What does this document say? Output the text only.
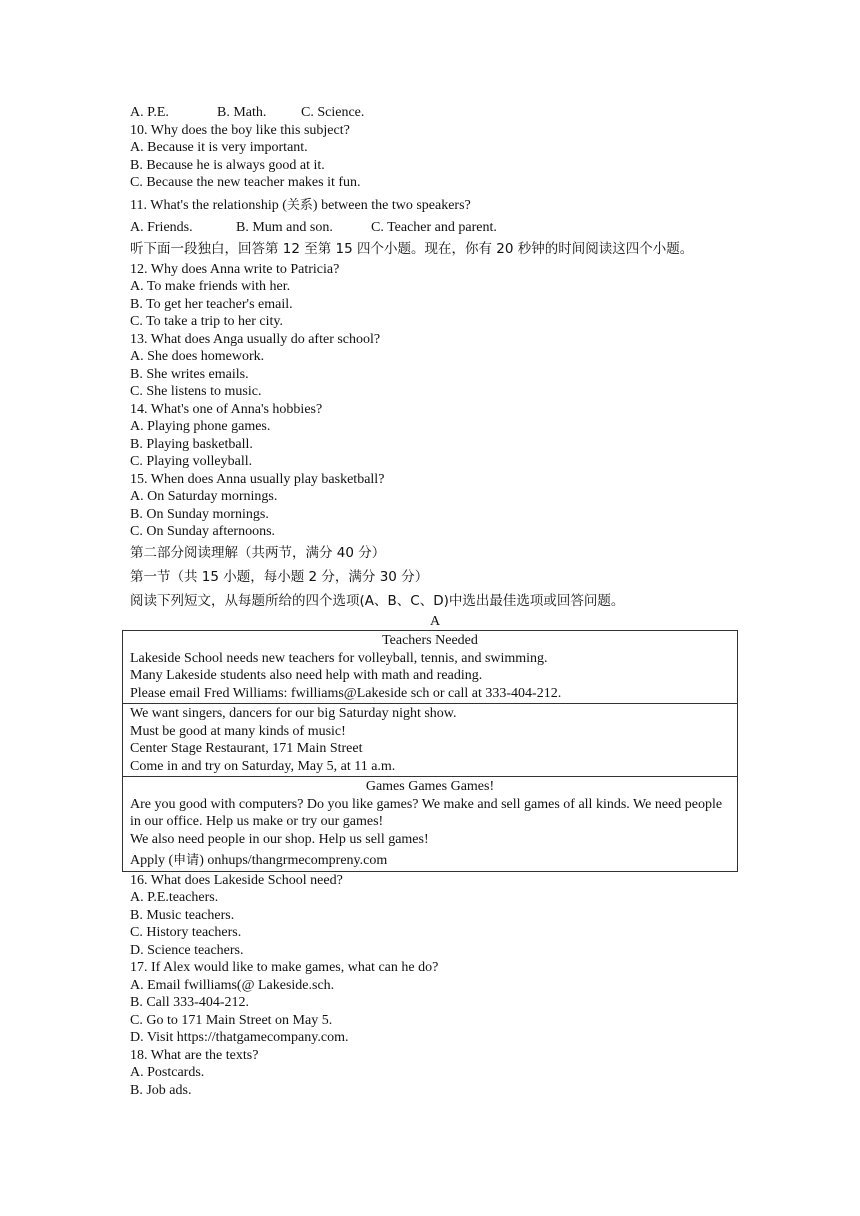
A. P.E.	B. Math.	C. Science.
10. Why does the boy like this subject?
A. Because it is very important.
B. Because he is always good at it.
C. Because the new teacher makes it fun.
11. What's the relationship (关系) between the two speakers?
A. Friends.	B. Mum and son.	C. Teacher and parent.
听下面一段独白，回答第 12 至第 15 四个小题。现在，你有 20 秒钟的时间阅读这四个小题。
12. Why does Anna write to Patricia?
A. To make friends with her.
B. To get her teacher's email.
C. To take a trip to her city.
13. What does Anga usually do after school?
A. She does homework.
B. She writes emails.
C. She listens to music.
14. What's one of Anna's hobbies?
A. Playing phone games.
B. Playing basketball.
C. Playing volleyball.
15. When does Anna usually play basketball?
A. On Saturday mornings.
B. On Sunday mornings.
C. On Sunday afternoons.
第二部分阅读理解（共两节，满分 40 分）
第一节（共 15 小题，每小题 2 分，满分 30 分）
阅读下列短文，从每题所给的四个选项(A、B、C、D)中选出最佳选项或回答问题。
A
Teachers Needed
Lakeside School needs new teachers for volleyball, tennis, and swimming.
Many Lakeside students also need help with math and reading.
Please email Fred Williams: fwilliams@Lakeside sch or call at 333-404-212.

We want singers, dancers for our big Saturday night show.
Must be good at many kinds of music!
Center Stage Restaurant, 171 Main Street
Come in and try on Saturday, May 5, at 11 a.m.

Games Games Games!
Are you good with computers? Do you like games? We make and sell games of all kinds. We need people in our office. Help us make or try our games!
We also need people in our shop. Help us sell games!
Apply (申请) onhups/thangrmecompreny.com
16. What does Lakeside School need?
A. P.E.teachers.
B. Music teachers.
C. History teachers.
D. Science teachers.
17. If Alex would like to make games, what can he do?
A. Email fwilliams(@ Lakeside.sch.
B. Call 333-404-212.
C. Go to 171 Main Street on May 5.
D. Visit https://thatgamecompany.com.
18. What are the texts?
A. Postcards.
B. Job ads.
